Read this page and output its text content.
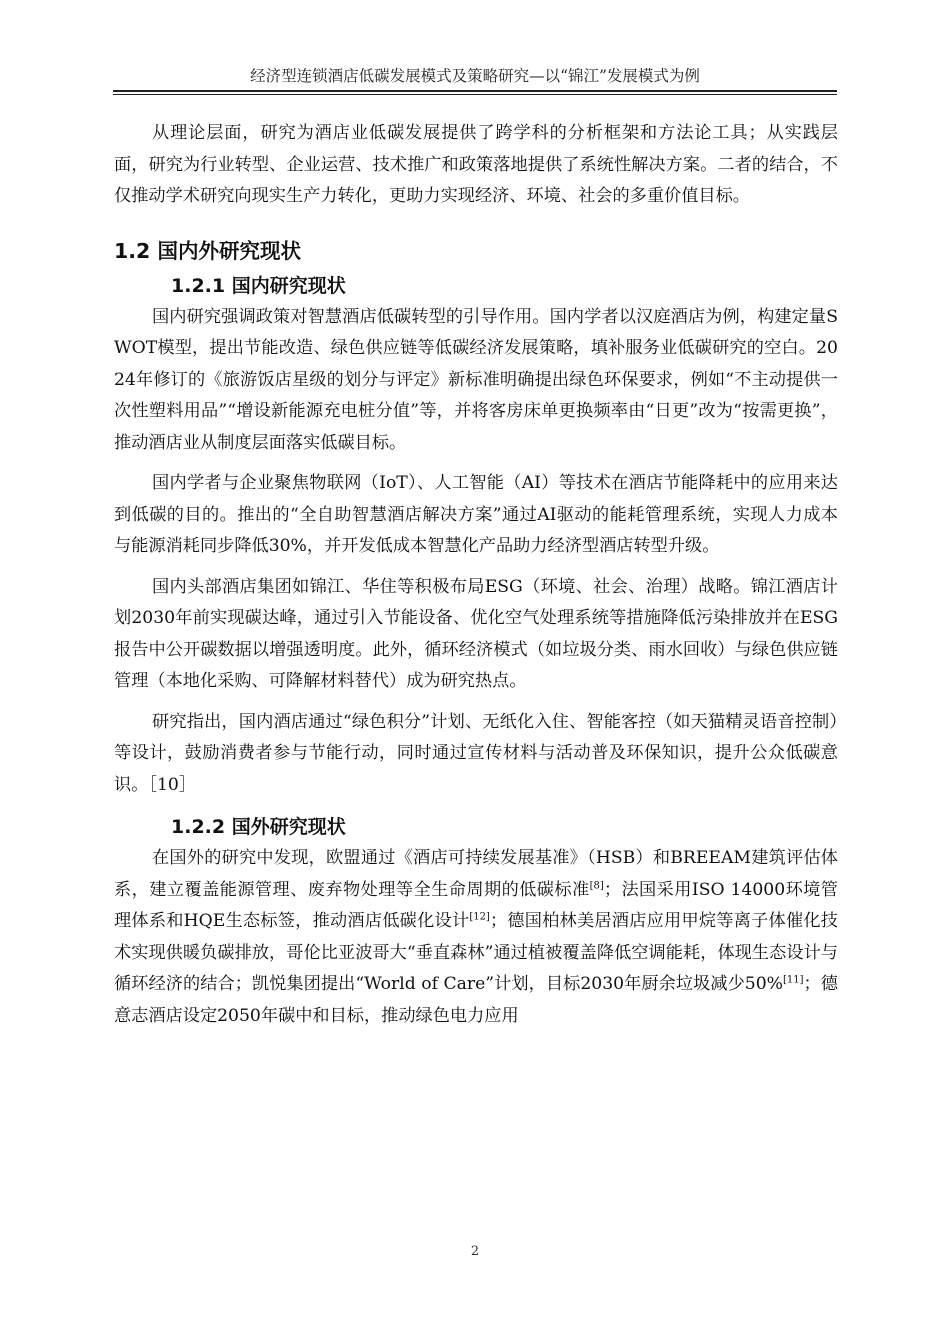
经济型连锁酒店低碳发展模式及策略研究—以“锦江”发展模式为例

从理论层面，研究为酒店业低碳发展提供了跨学科的分析框架和方法论工具；从实践层面，研究为行业转型、企业运营、技术推广和政策落地提供了系统性解决方案。二者的结合，不仅推动学术研究向现实生产力转化，更助力实现经济、环境、社会的多重价值目标。

1.2 国内外研究现状
1.2.1 国内研究现状

国内研究强调政策对智慧酒店低碳转型的引导作用。国内学者以汉庭酒店为例，构建定量SWOT模型，提出节能改造、绿色供应链等低碳经济发展策略，填补服务业低碳研究的空白。2024年修订的《旅游饭店星级的划分与评定》新标准明确提出绿色环保要求，例如“不主动提供一次性塑料用品”“增设新能源充电桩分值”等，并将客房床单更换频率由“日更”改为“按需更换”，推动酒店业从制度层面落实低碳目标。

国内学者与企业聚焦物联网（IoT）、人工智能（AI）等技术在酒店节能降耗中的应用来达到低碳的目的。推出的“全自助智慧酒店解决方案”通过AI驱动的能耗管理系统，实现人力成本与能源消耗同步降低30%，并开发低成本智慧化产品助力经济型酒店转型升级。

国内头部酒店集团如锦江、华住等积极布局ESG（环境、社会、治理）战略。锦江酒店计划2030年前实现碳达峰，通过引入节能设备、优化空气处理系统等措施降低污染排放并在ESG报告中公开碳数据以增强透明度。此外，循环经济模式（如垃圾分类、雨水回收）与绿色供应链管理（本地化采购、可降解材料替代）成为研究热点。

研究指出，国内酒店通过“绿色积分”计划、无纸化入住、智能客控（如天猫精灵语音控制）等设计，鼓励消费者参与节能行动，同时通过宣传材料与活动普及环保知识，提升公众低碳意识。［10］

1.2.2 国外研究现状

在国外的研究中发现，欧盟通过《酒店可持续发展基准》（HSB）和BREEAM建筑评估体系，建立覆盖能源管理、废弃物处理等全生命周期的低碳标准[8]；法国采用ISO 14000环境管理体系和HQE生态标签，推动酒店低碳化设计[12]；德国柏林美居酒店应用甲烷等离子体催化技术实现供暖负碳排放，哥伦比亚波哥大“垂直森林”通过植被覆盖降低空调能耗，体现生态设计与循环经济的结合；凯悦集团提出“World of Care”计划，目标2030年厨余垃圾减少50%[11]；德意志酒店设定2050年碳中和目标，推动绿色电力应用

2
